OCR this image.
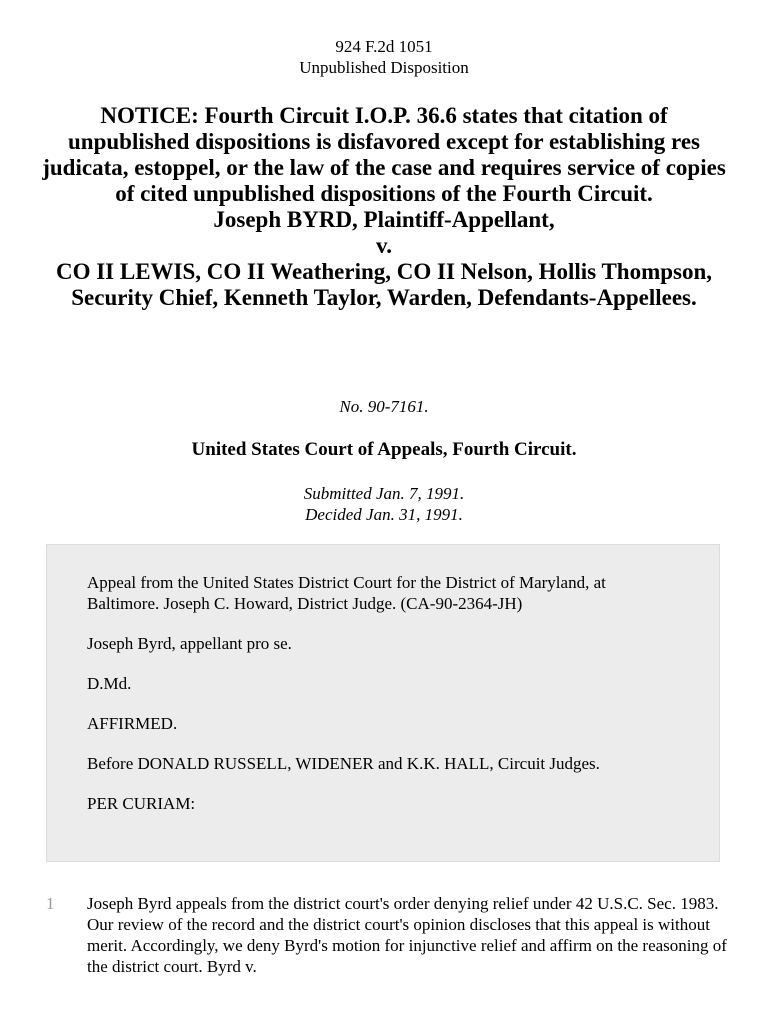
924 F.2d 1051
Unpublished Disposition
NOTICE: Fourth Circuit I.O.P. 36.6 states that citation of unpublished dispositions is disfavored except for establishing res judicata, estoppel, or the law of the case and requires service of copies of cited unpublished dispositions of the Fourth Circuit.
Joseph BYRD, Plaintiff-Appellant,
v.
CO II LEWIS, CO II Weathering, CO II Nelson, Hollis Thompson, Security Chief, Kenneth Taylor, Warden, Defendants-Appellees.
No. 90-7161.
United States Court of Appeals, Fourth Circuit.
Submitted Jan. 7, 1991.
Decided Jan. 31, 1991.

Appeal from the United States District Court for the District of Maryland, at Baltimore. Joseph C. Howard, District Judge. (CA-90-2364-JH)

Joseph Byrd, appellant pro se.

D.Md.

AFFIRMED.

Before DONALD RUSSELL, WIDENER and K.K. HALL, Circuit Judges.

PER CURIAM:

1 Joseph Byrd appeals from the district court's order denying relief under 42 U.S.C. Sec. 1983. Our review of the record and the district court's opinion discloses that this appeal is without merit. Accordingly, we deny Byrd's motion for injunctive relief and affirm on the reasoning of the district court. Byrd v.
